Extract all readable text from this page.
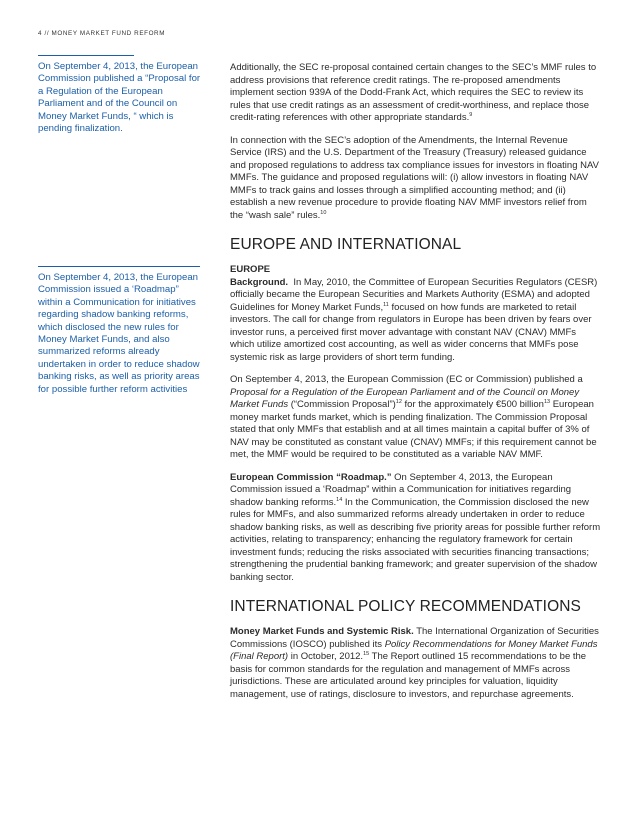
4 // MONEY MARKET FUND REFORM
On September 4, 2013, the European Commission published a “Proposal for a Regulation of the European Parliament and of the Council on Money Market Funds, “ which is pending finalization.
On September 4, 2013, the European Commission issued a ‘Roadmap” within a Communication for initiatives regarding shadow banking reforms, which disclosed the new rules for Money Market Funds, and also summarized reforms already undertaken in order to reduce shadow banking risks, as well as priority areas for possible further reform activities

Additionally, the SEC re-proposal contained certain changes to the SEC’s MMF rules to address provisions that reference credit ratings. The re-proposed amendments implement section 939A of the Dodd-Frank Act, which requires the SEC to review its rules that use credit ratings as an assessment of credit-worthiness, and replace those credit-rating references with other appropriate standards.$^9$

In connection with the SEC’s adoption of the Amendments, the Internal Revenue Service (IRS) and the U.S. Department of the Treasury (Treasury) released guidance and proposed regulations to address tax compliance issues for investors in floating NAV MMFs. The guidance and proposed regulations will: (i) allow investors in floating NAV MMFs to track gains and losses through a simplified accounting method; and (ii) establish a new revenue procedure to provide floating NAV MMF investors relief from the “wash sale” rules.$^{10}$

EUROPE AND INTERNATIONAL
EUROPE

Background. In May, 2010, the Committee of European Securities Regulators (CESR) officially became the European Securities and Markets Authority (ESMA) and adopted Guidelines for Money Market Funds,$^{11}$ focused on how funds are marketed to retail investors. The call for change from regulators in Europe has been driven by fears over investor runs, a perceived first mover advantage with constant NAV (CNAV) MMFs which utilize amortized cost accounting, as well as wider concerns that MMFs pose systemic risk as large providers of short term funding.

On September 4, 2013, the European Commission (EC or Commission) published a Proposal for a Regulation of the European Parliament and of the Council on Money Market Funds (“Commission Proposal”)$^{12}$ for the approximately €500 billion$^{13}$ European money market funds market, which is pending finalization. The Commission Proposal stated that only MMFs that establish and at all times maintain a capital buffer of 3% of NAV may be constituted as constant value (CNAV) MMFs; if this requirement cannot be met, the MMF would be required to be constituted as a variable NAV MMF.

European Commission “Roadmap.” On September 4, 2013, the European Commission issued a ‘Roadmap” within a Communication for initiatives regarding shadow banking reforms.$^{14}$ In the Communication, the Commission disclosed the new rules for MMFs, and also summarized reforms already undertaken in order to reduce shadow banking risks, as well as describing five priority areas for possible further reform activities, relating to transparency; enhancing the regulatory framework for certain investment funds; reducing the risks associated with securities financing transactions; strengthening the prudential banking framework; and greater supervision of the shadow banking sector.

INTERNATIONAL POLICY RECOMMENDATIONS

Money Market Funds and Systemic Risk. The International Organization of Securities Commissions (IOSCO) published its Policy Recommendations for Money Market Funds (Final Report) in October, 2012.15 The Report outlined 15 recommendations to be the basis for common standards for the regulation and management of MMFs across jurisdictions. These are articulated around key principles for valuation, liquidity management, use of ratings, disclosure to investors, and repurchase agreements.
